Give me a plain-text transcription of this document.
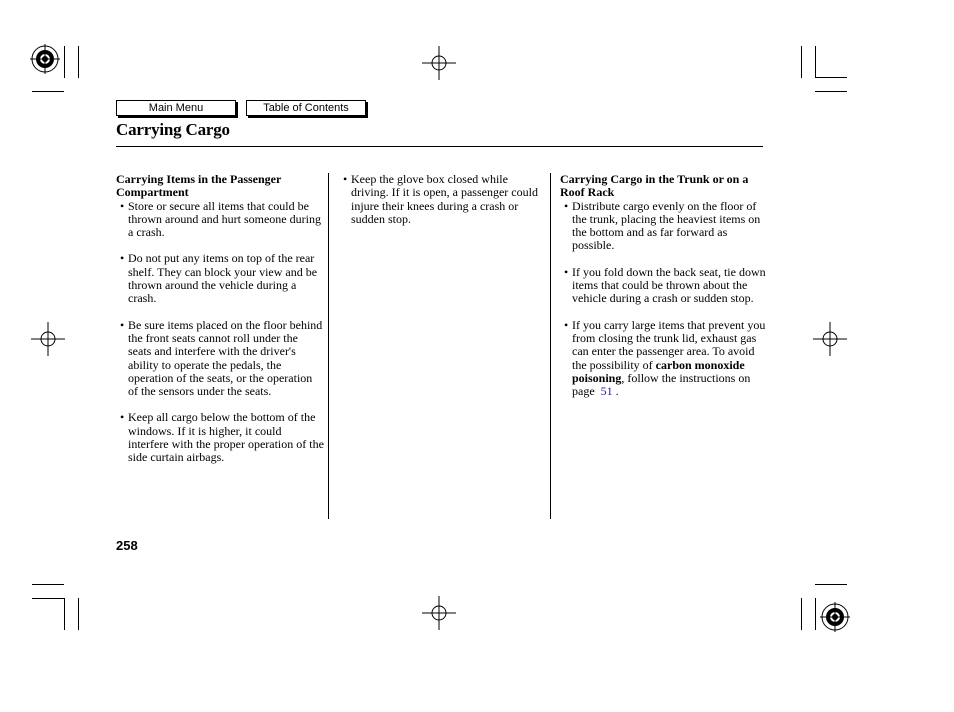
Main Menu	Table of Contents
Carrying Cargo

Carrying Items in the Passenger Compartment

• Store or secure all items that could be thrown around and hurt someone during a crash.

• Do not put any items on top of the rear shelf. They can block your view and be thrown around the vehicle during a crash.

• Be sure items placed on the floor behind the front seats cannot roll under the seats and interfere with the driver's ability to operate the pedals, the operation of the seats, or the operation of the sensors under the seats.

• Keep all cargo below the bottom of the windows. If it is higher, it could interfere with the proper operation of the side curtain airbags.

• Keep the glove box closed while driving. If it is open, a passenger could injure their knees during a crash or sudden stop.

Carrying Cargo in the Trunk or on a Roof Rack

• Distribute cargo evenly on the floor of the trunk, placing the heaviest items on the bottom and as far forward as possible.

• If you fold down the back seat, tie down items that could be thrown about the vehicle during a crash or sudden stop.

• If you carry large items that prevent you from closing the trunk lid, exhaust gas can enter the passenger area. To avoid the possibility of carbon monoxide poisoning, follow the instructions on page 51 .

258
